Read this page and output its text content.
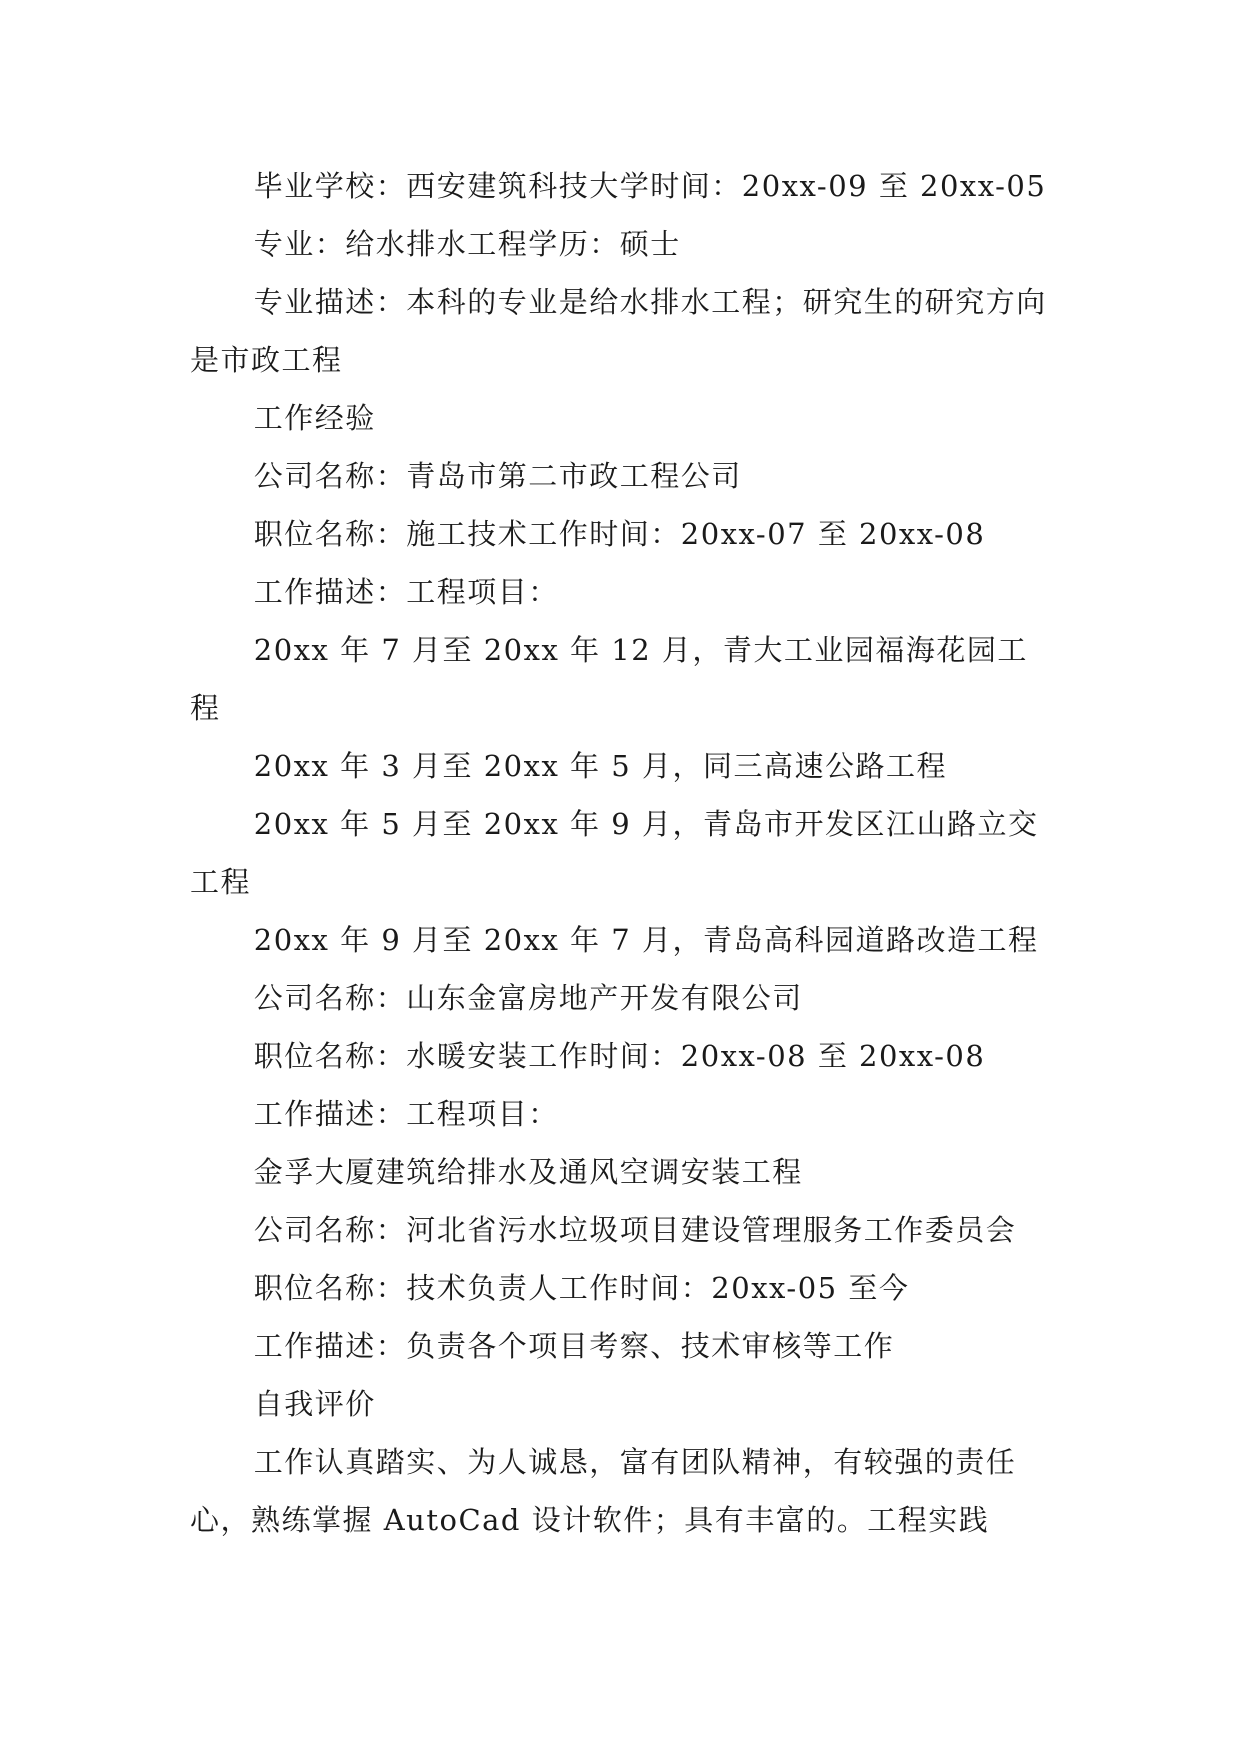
毕业学校：西安建筑科技大学时间：20xx-09 至 20xx-05

专业：给水排水工程学历：硕士

专业描述：本科的专业是给水排水工程；研究生的研究方向是市政工程

工作经验

公司名称：青岛市第二市政工程公司

职位名称：施工技术工作时间：20xx-07 至 20xx-08

工作描述：工程项目：

20xx 年 7 月至 20xx 年 12 月，青大工业园福海花园工程

20xx 年 3 月至 20xx 年 5 月，同三高速公路工程

20xx 年 5 月至 20xx 年 9 月，青岛市开发区江山路立交工程

20xx 年 9 月至 20xx 年 7 月，青岛高科园道路改造工程

公司名称：山东金富房地产开发有限公司

职位名称：水暖安装工作时间：20xx-08 至 20xx-08

工作描述：工程项目：

金孚大厦建筑给排水及通风空调安装工程

公司名称：河北省污水垃圾项目建设管理服务工作委员会

职位名称：技术负责人工作时间：20xx-05 至今

工作描述：负责各个项目考察、技术审核等工作

自我评价

工作认真踏实、为人诚恳，富有团队精神，有较强的责任心，熟练掌握 AutoCad 设计软件；具有丰富的。工程实践
